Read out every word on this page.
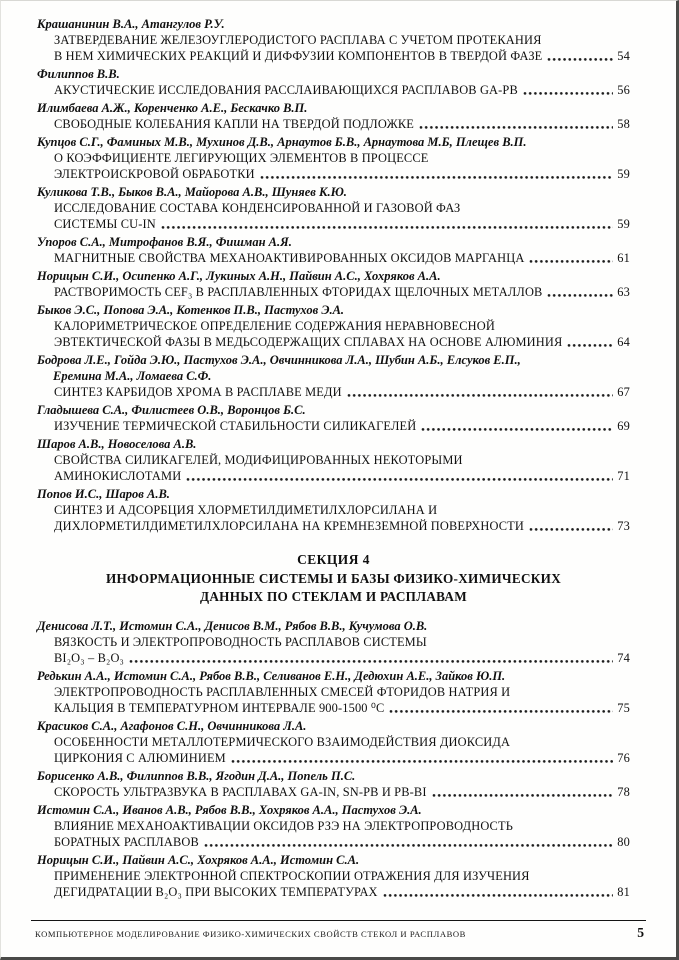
Крашанинин В.А., Атангулов Р.У.
ЗАТВЕРДЕВАНИЕ ЖЕЛЕЗОУГЛЕРОДИСТОГО РАСПЛАВА С УЧЕТОМ ПРОТЕКАНИЯ
В НЕМ ХИМИЧЕСКИХ РЕАКЦИЙ И ДИФФУЗИИ КОМПОНЕНТОВ В ТВЕРДОЙ ФАЗЕ	54
Филиппов В.В.
АКУСТИЧЕСКИЕ ИССЛЕДОВАНИЯ РАССЛАИВАЮЩИХСЯ РАСПЛАВОВ GA-PB	56
Илимбаева А.Ж., Коренченко А.Е., Бескачко В.П.
СВОБОДНЫЕ КОЛЕБАНИЯ КАПЛИ НА ТВЕРДОЙ ПОДЛОЖКЕ	58
Купцов С.Г., Фаминых М.В., Мухинов Д.В., Арнаутов Б.В., Арнаутова М.Б, Плещев В.П.
О КОЭФФИЦИЕНТЕ ЛЕГИРУЮЩИХ ЭЛЕМЕНТОВ В ПРОЦЕССЕ
ЭЛЕКТРОИСКРОВОЙ ОБРАБОТКИ	59
Куликова Т.В., Быков В.А., Майорова А.В., Шуняев К.Ю.
ИССЛЕДОВАНИЕ СОСТАВА КОНДЕНСИРОВАННОЙ И ГАЗОВОЙ ФАЗ
СИСТЕМЫ CU-IN	59
Упоров С.А., Митрофанов В.Я., Фишман А.Я.
МАГНИТНЫЕ СВОЙСТВА МЕХАНОАКТИВИРОВАННЫХ ОКСИДОВ МАРГАНЦА	61
Норицын С.И., Осипенко А.Г., Лукиных А.Н., Пайвин А.С., Хохряков А.А.
РАСТВОРИМОСТЬ CEF₃ В РАСПЛАВЛЕННЫХ ФТОРИДАХ ЩЕЛОЧНЫХ МЕТАЛЛОВ	63
Быков Э.С., Попова Э.А., Котенков П.В., Пастухов Э.А.
КАЛОРИМЕТРИЧЕСКОЕ ОПРЕДЕЛЕНИЕ СОДЕРЖАНИЯ НЕРАВНОВЕСНОЙ
ЭВТЕКТИЧЕСКОЙ ФАЗЫ В МЕДЬСОДЕРЖАЩИХ СПЛАВАХ НА ОСНОВЕ АЛЮМИНИЯ	64
Бодрова Л.Е., Гойда Э.Ю., Пастухов Э.А., Овчинникова Л.А., Шубин А.Б., Елсуков Е.П.,
Еремина М.А., Ломаева С.Ф.
СИНТЕЗ КАРБИДОВ ХРОМА В РАСПЛАВЕ МЕДИ	67
Гладышева С.А., Филистеев О.В., Воронцов Б.С.
ИЗУЧЕНИЕ ТЕРМИЧЕСКОЙ СТАБИЛЬНОСТИ СИЛИКАГЕЛЕЙ	69
Шаров А.В., Новоселова А.В.
СВОЙСТВА СИЛИКАГЕЛЕЙ, МОДИФИЦИРОВАННЫХ НЕКОТОРЫМИ
АМИНОКИСЛОТАМИ	71
Попов И.С., Шаров А.В.
СИНТЕЗ И АДСОРБЦИЯ ХЛОРМЕТИЛДИМЕТИЛХЛОРСИЛАНА И
ДИХЛОРМЕТИЛДИМЕТИЛХЛОРСИЛАНА НА КРЕМНЕЗЕМНОЙ ПОВЕРХНОСТИ	73
СЕКЦИЯ 4
ИНФОРМАЦИОННЫЕ СИСТЕМЫ И БАЗЫ ФИЗИКО-ХИМИЧЕСКИХ
ДАННЫХ ПО СТЕКЛАМ И РАСПЛАВАМ
Денисова Л.Т., Истомин С.А., Денисов В.М., Рябов В.В., Кучумова О.В.
ВЯЗКОСТЬ И ЭЛЕКТРОПРОВОДНОСТЬ РАСПЛАВОВ СИСТЕМЫ
BI₂O₃ – B₂O₃	74
Редькин А.А., Истомин С.А., Рябов В.В., Селиванов Е.Н., Дедюхин А.Е., Зайков Ю.П.
ЭЛЕКТРОПРОВОДНОСТЬ РАСПЛАВЛЕННЫХ СМЕСЕЙ ФТОРИДОВ НАТРИЯ И
КАЛЬЦИЯ В ТЕМПЕРАТУРНОМ ИНТЕРВАЛЕ 900-1500 ⁰С	75
Красиков С.А., Агафонов С.Н., Овчинникова Л.А.
ОСОБЕННОСТИ МЕТАЛЛОТЕРМИЧЕСКОГО ВЗАИМОДЕЙСТВИЯ ДИОКСИДА
ЦИРКОНИЯ С АЛЮМИНИЕМ	76
Борисенко А.В., Филиппов В.В., Ягодин Д.А., Попель П.С.
СКОРОСТЬ УЛЬТРАЗВУКА В РАСПЛАВАХ GA-IN, SN-PB И PB-BI	78
Истомин С.А., Иванов А.В., Рябов В.В., Хохряков А.А., Пастухов Э.А.
ВЛИЯНИЕ МЕХАНОАКТИВАЦИИ ОКСИДОВ РЗЭ НА ЭЛЕКТРОПРОВОДНОСТЬ
БОРАТНЫХ РАСПЛАВОВ	80
Норицын С.И., Пайвин А.С., Хохряков А.А., Истомин С.А.
ПРИМЕНЕНИЕ ЭЛЕКТРОННОЙ СПЕКТРОСКОПИИ ОТРАЖЕНИЯ ДЛЯ ИЗУЧЕНИЯ
ДЕГИДРАТАЦИИ B₂O₃ ПРИ ВЫСОКИХ ТЕМПЕРАТУРАХ	81
КОМПЬЮТЕРНОЕ МОДЕЛИРОВАНИЕ ФИЗИКО-ХИМИЧЕСКИХ СВОЙСТВ СТЕКОЛ И РАСПЛАВОВ	5
